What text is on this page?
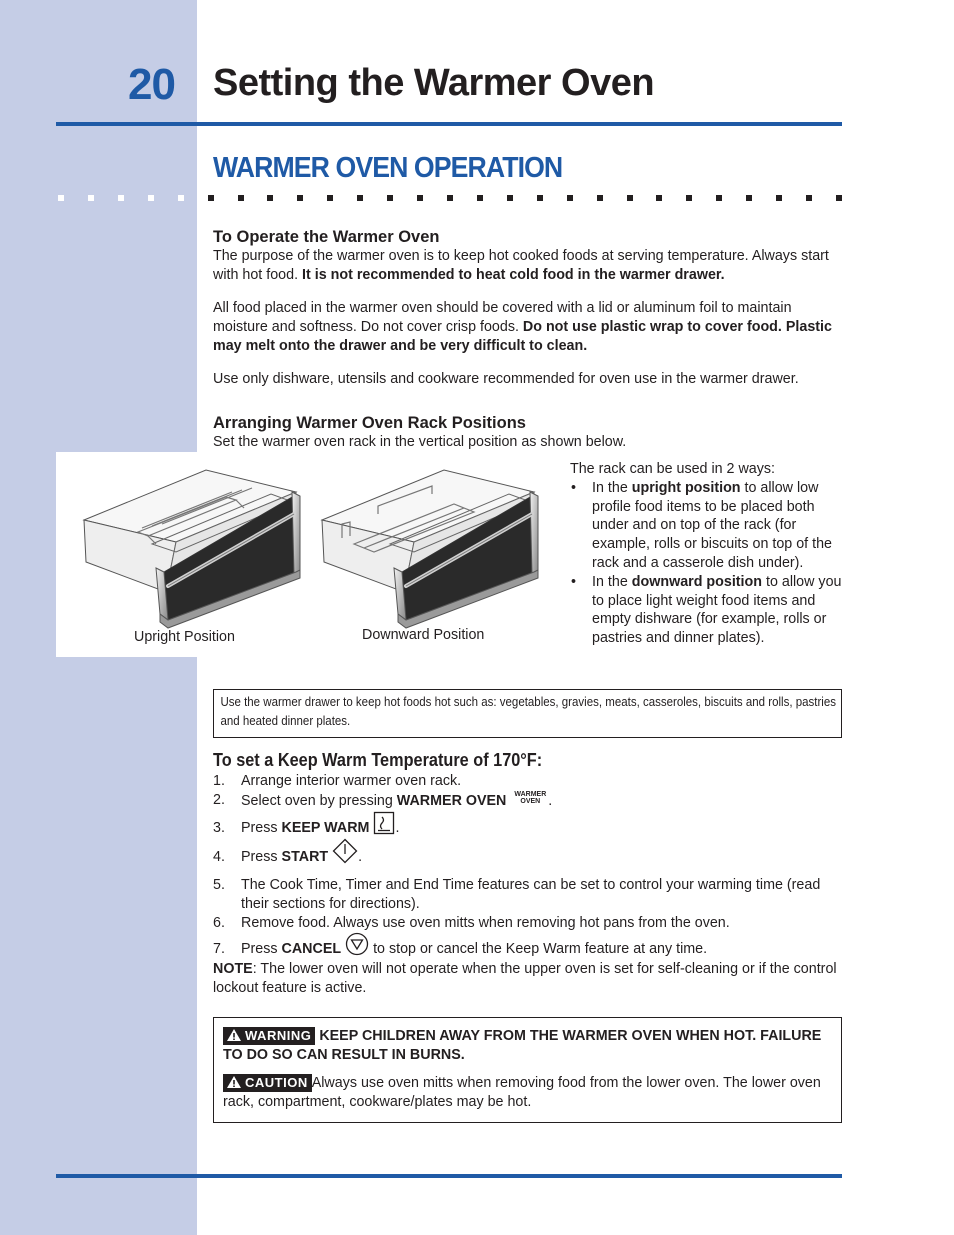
20 Setting the Warmer Oven
WARMER OVEN OPERATION
To Operate the Warmer Oven

The purpose of the warmer oven is to keep hot cooked foods at serving temperature. Always start with hot food. It is not recommended to heat cold food in the warmer drawer.

All food placed in the warmer oven should be covered with a lid or aluminum foil to maintain moisture and softness. Do not cover crisp foods. Do not use plastic wrap to cover food. Plastic may melt onto the drawer and be very difficult to clean.

Use only dishware, utensils and cookware recommended for oven use in the warmer drawer.

Arranging Warmer Oven Rack Positions

Set the warmer oven rack in the vertical position as shown below.

Upright Position	Downward Position
The rack can be used in 2 ways:
• In the upright position to allow low profile food items to be placed both under and on top of the rack (for example, rolls or biscuits on top of the rack and a casserole dish under).
• In the downward position to allow you to place light weight food items and empty dishware (for example, rolls or pastries and dinner plates).
Use the warmer drawer to keep hot foods hot such as: vegetables, gravies, meats, casseroles, biscuits and rolls, pastries and heated dinner plates.
To set a Keep Warm Temperature of 170°F:
1. Arrange interior warmer oven rack.
2. Select oven by pressing WARMER OVEN WARMER
OVEN .
3. Press KEEP WARM .
4. Press START .
5. The Cook Time, Timer and End Time features can be set to control your warming time (read their sections for directions).
6. Remove food. Always use oven mitts when removing hot pans from the oven.
7. Press CANCEL  to stop or cancel the Keep Warm feature at any time.

NOTE: The lower oven will not operate when the upper oven is set for self-cleaning or if the control lockout feature is active.

WARNING KEEP CHILDREN AWAY FROM THE WARMER OVEN WHEN HOT. FAILURE TO DO SO CAN RESULT IN BURNS.
CAUTION Always use oven mitts when removing food from the lower oven. The lower oven rack, compartment, cookware/plates may be hot.
